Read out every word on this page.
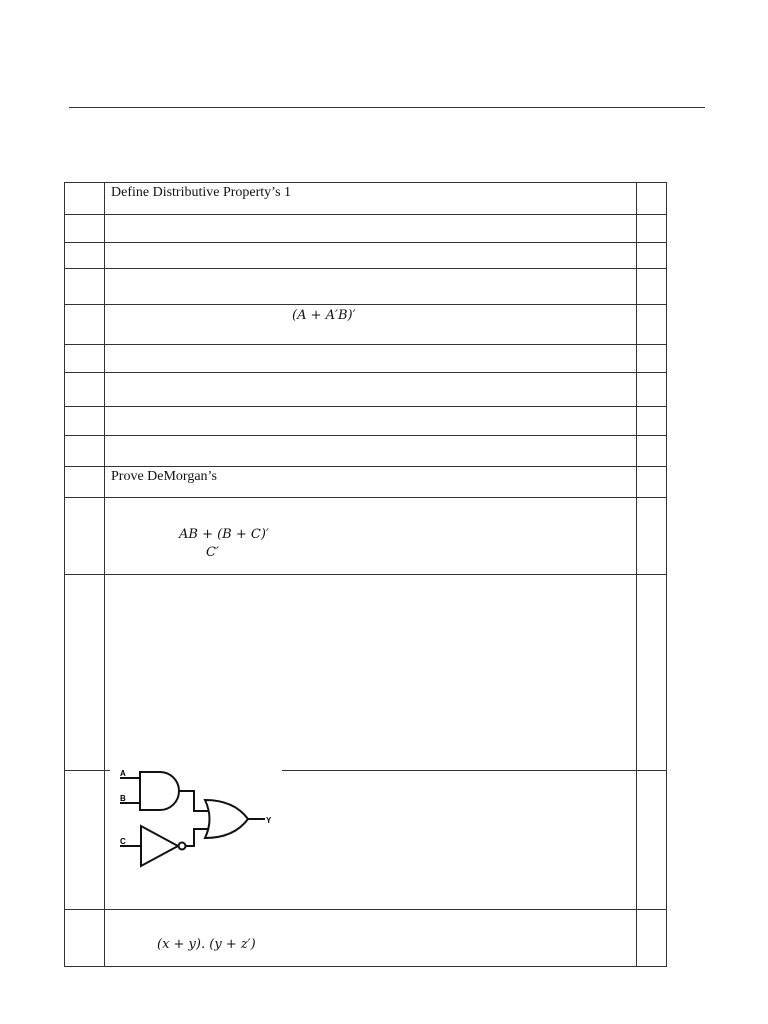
	Define Distributive Property’s 1	

	(A + A′B)′	

	Prove DeMorgan’s	

	AB + (B + C)′
C′	

A
B
C
Y	

	(x + y). (y + z′)	
